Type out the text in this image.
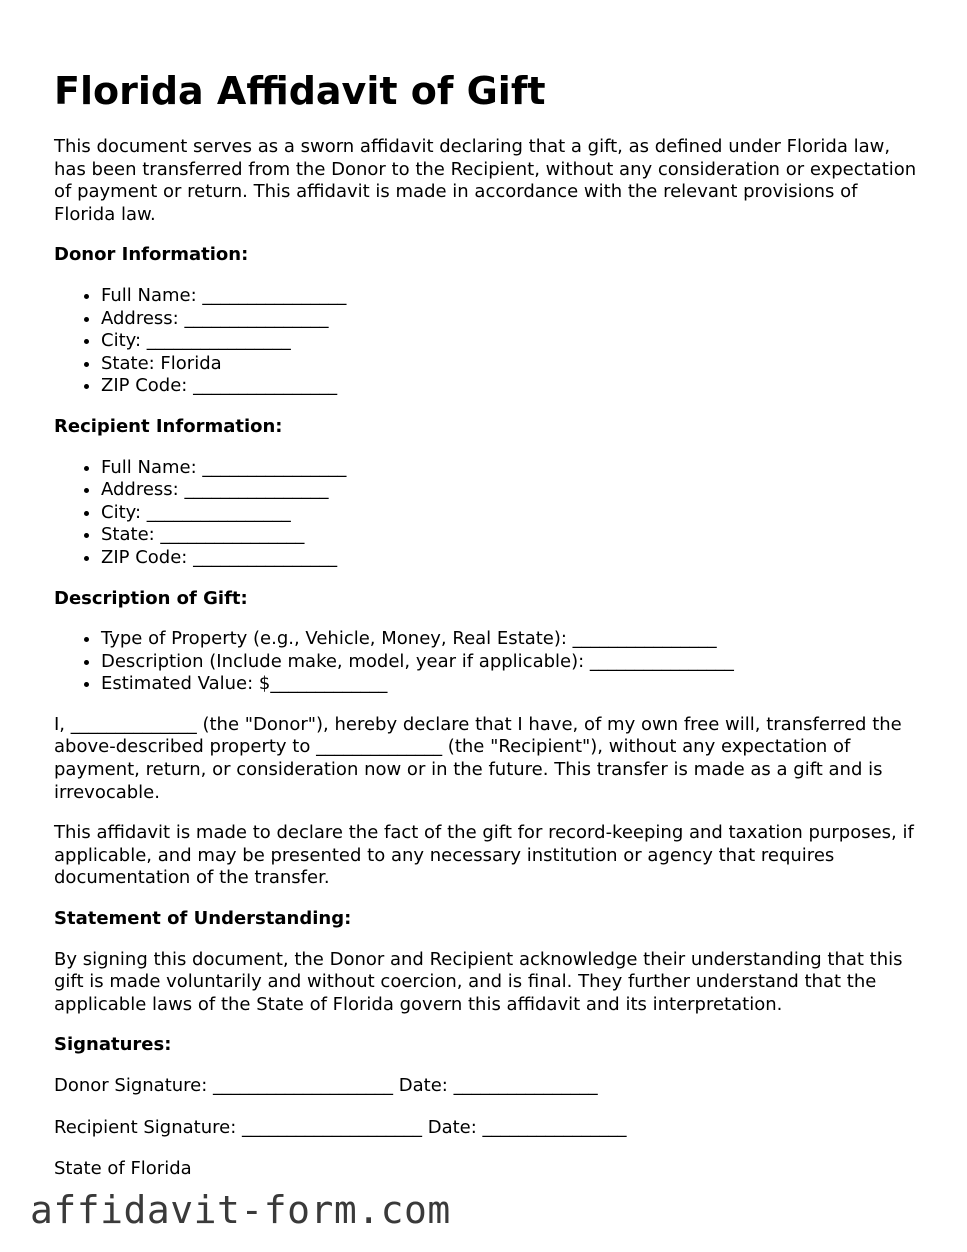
Florida Affidavit of Gift

This document serves as a sworn affidavit declaring that a gift, as defined under Florida law, has been transferred from the Donor to the Recipient, without any consideration or expectation of payment or return. This affidavit is made in accordance with the relevant provisions of Florida law.

Donor Information:
• Full Name: ________________
• Address: ________________
• City: ________________
• State: Florida
• ZIP Code: ________________
Recipient Information:
• Full Name: ________________
• Address: ________________
• City: ________________
• State: ________________
• ZIP Code: ________________
Description of Gift:
• Type of Property (e.g., Vehicle, Money, Real Estate): ________________
• Description (Include make, model, year if applicable): ________________
• Estimated Value: $_____________

I, ______________ (the "Donor"), hereby declare that I have, of my own free will, transferred the above-described property to ______________ (the "Recipient"), without any expectation of payment, return, or consideration now or in the future. This transfer is made as a gift and is irrevocable.

This affidavit is made to declare the fact of the gift for record-keeping and taxation purposes, if applicable, and may be presented to any necessary institution or agency that requires documentation of the transfer.

Statement of Understanding:

By signing this document, the Donor and Recipient acknowledge their understanding that this gift is made voluntarily and without coercion, and is final. They further understand that the applicable laws of the State of Florida govern this affidavit and its interpretation.

Signatures:
Donor Signature: ____________________ Date: ________________
Recipient Signature: ____________________ Date: ________________
State of Florida
affidavit-form.com
